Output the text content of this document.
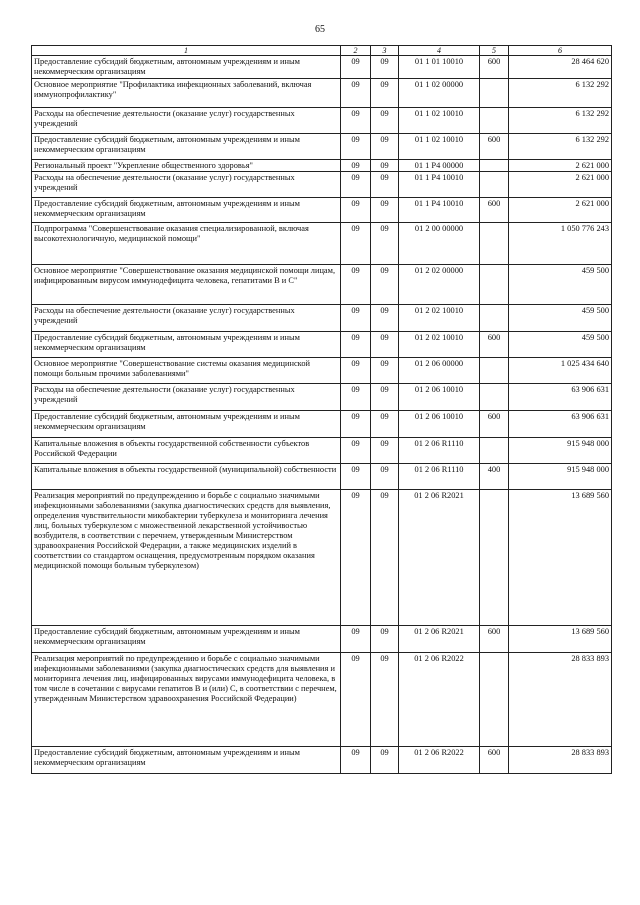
65
1	2	3	4	5	6
Предоставление субсидий бюджетным, автономным учреждениям и иным некоммерческим организациям	09	09	01 1 01 10010	600	28 464 620
Основное мероприятие "Профилактика инфекционных заболеваний, включая иммунопрофилактику"	09	09	01 1 02 00000		6 132 292
Расходы на обеспечение деятельности (оказание услуг) государственных учреждений	09	09	01 1 02 10010		6 132 292
Предоставление субсидий бюджетным, автономным учреждениям и иным некоммерческим организациям	09	09	01 1 02 10010	600	6 132 292
Региональный проект "Укрепление общественного здоровья"	09	09	01 1 P4 00000		2 621 000
Расходы на обеспечение деятельности (оказание услуг) государственных учреждений	09	09	01 1 P4 10010		2 621 000
Предоставление субсидий бюджетным, автономным учреждениям и иным некоммерческим организациям	09	09	01 1 P4 10010	600	2 621 000
Подпрограмма "Совершенствование оказания специализированной, включая высокотехнологичную, медицинской помощи"	09	09	01 2 00 00000		1 050 776 243
Основное мероприятие "Совершенствование оказания медицинской помощи лицам, инфицированным вирусом иммунодефицита человека, гепатитами B и C"	09	09	01 2 02 00000		459 500
Расходы на обеспечение деятельности (оказание услуг) государственных учреждений	09	09	01 2 02 10010		459 500
Предоставление субсидий бюджетным, автономным учреждениям и иным некоммерческим организациям	09	09	01 2 02 10010	600	459 500
Основное мероприятие "Совершенствование системы оказания медицинской помощи больным прочими заболеваниями"	09	09	01 2 06 00000		1 025 434 640
Расходы на обеспечение деятельности (оказание услуг) государственных учреждений	09	09	01 2 06 10010		63 906 631
Предоставление субсидий бюджетным, автономным учреждениям и иным некоммерческим организациям	09	09	01 2 06 10010	600	63 906 631
Капитальные вложения в объекты государственной собственности субъектов Российской Федерации	09	09	01 2 06 R1110		915 948 000
Капитальные вложения в объекты государственной (муниципальной) собственности	09	09	01 2 06 R1110	400	915 948 000
Реализация мероприятий по предупреждению и борьбе с социально значимыми инфекционными заболеваниями (закупка диагностических средств для выявления, определения чувствительности микобактерии туберкулеза и мониторинга лечения лиц, больных туберкулезом с множественной лекарственной устойчивостью возбудителя, в соответствии с перечнем, утвержденным Министерством здравоохранения Российской Федерации, а также медицинских изделий в соответствии со стандартом оснащения, предусмотренным порядком оказания медицинской помощи больным туберкулезом)	09	09	01 2 06 R2021		13 689 560
Предоставление субсидий бюджетным, автономным учреждениям и иным некоммерческим организациям	09	09	01 2 06 R2021	600	13 689 560
Реализация мероприятий по предупреждению и борьбе с социально значимыми инфекционными заболеваниями (закупка диагностических средств для выявления и мониторинга лечения лиц, инфицированных вирусами иммунодефицита человека, в том числе в сочетании с вирусами гепатитов B и (или) C, в соответствии с перечнем, утвержденным Министерством здравоохранения Российской Федерации)	09	09	01 2 06 R2022		28 833 893
Предоставление субсидий бюджетным, автономным учреждениям и иным некоммерческим организациям	09	09	01 2 06 R2022	600	28 833 893
